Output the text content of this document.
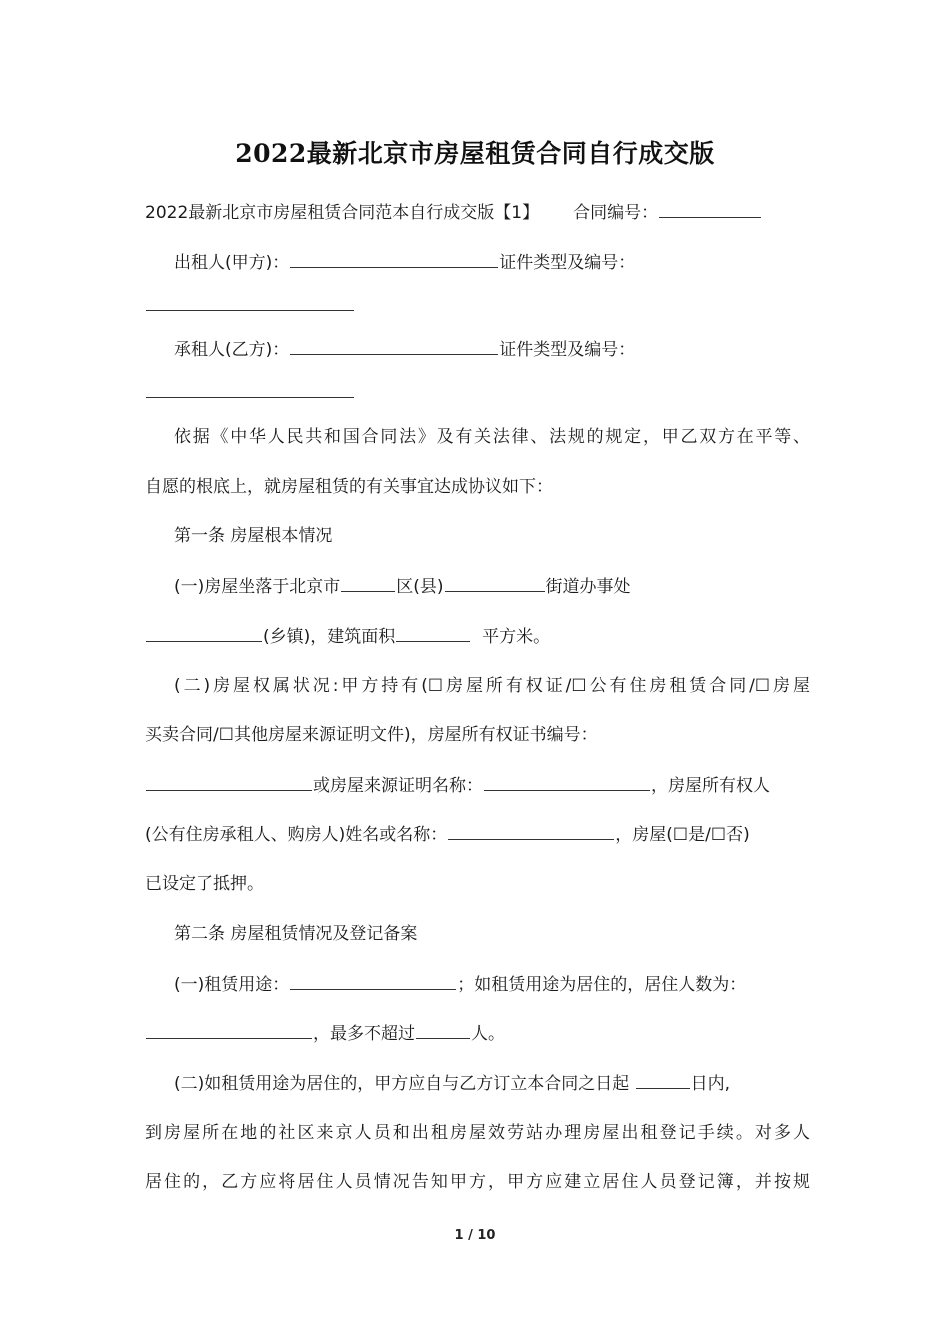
2022最新北京市房屋租赁合同自行成交版
2022最新北京市房屋租赁合同范本自行成交版【1】 合同编号：
出租人(甲方)：	证件类型及编号：
承租人(乙方)：	证件类型及编号：
依据《中华人民共和国合同法》及有关法律、法规的规定，甲乙双方在平等、
自愿的根底上，就房屋租赁的有关事宜达成协议如下：
第一条 房屋根本情况
(一)房屋坐落于北京市	区(县)	街道办事处
(乡镇)，建筑面积	平方米。
(二)房屋权属状况:甲方持有(☐房屋所有权证/☐公有住房租赁合同/☐房屋
买卖合同/☐其他房屋来源证明文件)，房屋所有权证书编号：
或房屋来源证明名称：	，房屋所有权人
(公有住房承租人、购房人)姓名或名称：	，房屋(☐是/☐否)
已设定了抵押。
第二条 房屋租赁情况及登记备案
(一)租赁用途：	；如租赁用途为居住的，居住人数为：
，最多不超过	人。
(二)如租赁用途为居住的，甲方应自与乙方订立本合同之日起	日内,
到房屋所在地的社区来京人员和出租房屋效劳站办理房屋出租登记手续。对多人
居住的，乙方应将居住人员情况告知甲方，甲方应建立居住人员登记簿，并按规
1 / 10
